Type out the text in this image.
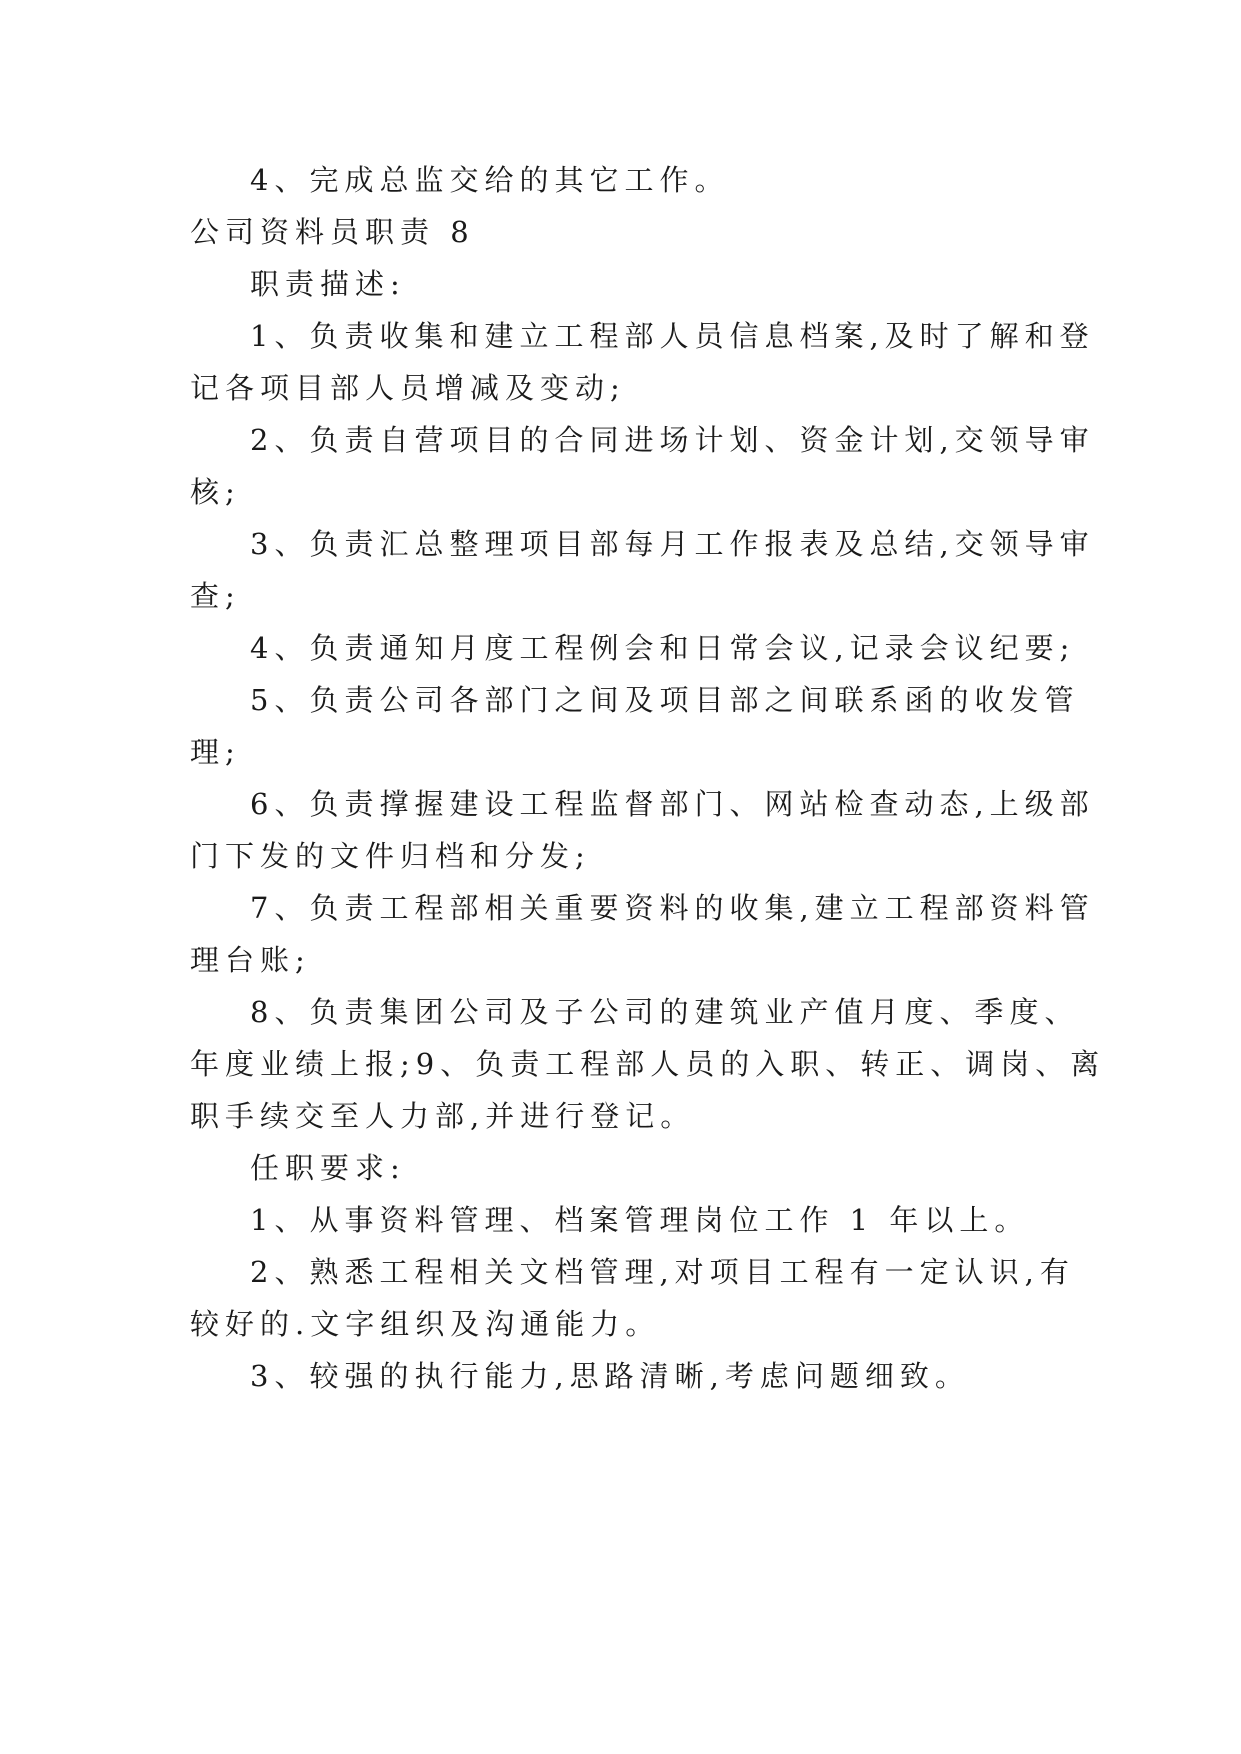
4、完成总监交给的其它工作。
公司资料员职责 8
职责描述:
1、负责收集和建立工程部人员信息档案,及时了解和登
记各项目部人员增减及变动;
2、负责自营项目的合同进场计划、资金计划,交领导审
核;
3、负责汇总整理项目部每月工作报表及总结,交领导审
查;
4、负责通知月度工程例会和日常会议,记录会议纪要;
5、负责公司各部门之间及项目部之间联系函的收发管
理;
6、负责撑握建设工程监督部门、网站检查动态,上级部
门下发的文件归档和分发;
7、负责工程部相关重要资料的收集,建立工程部资料管
理台账;
8、负责集团公司及子公司的建筑业产值月度、季度、
年度业绩上报;9、负责工程部人员的入职、转正、调岗、离
职手续交至人力部,并进行登记。
任职要求:
1、从事资料管理、档案管理岗位工作 1 年以上。
2、熟悉工程相关文档管理,对项目工程有一定认识,有
较好的.文字组织及沟通能力。
3、较强的执行能力,思路清晰,考虑问题细致。
